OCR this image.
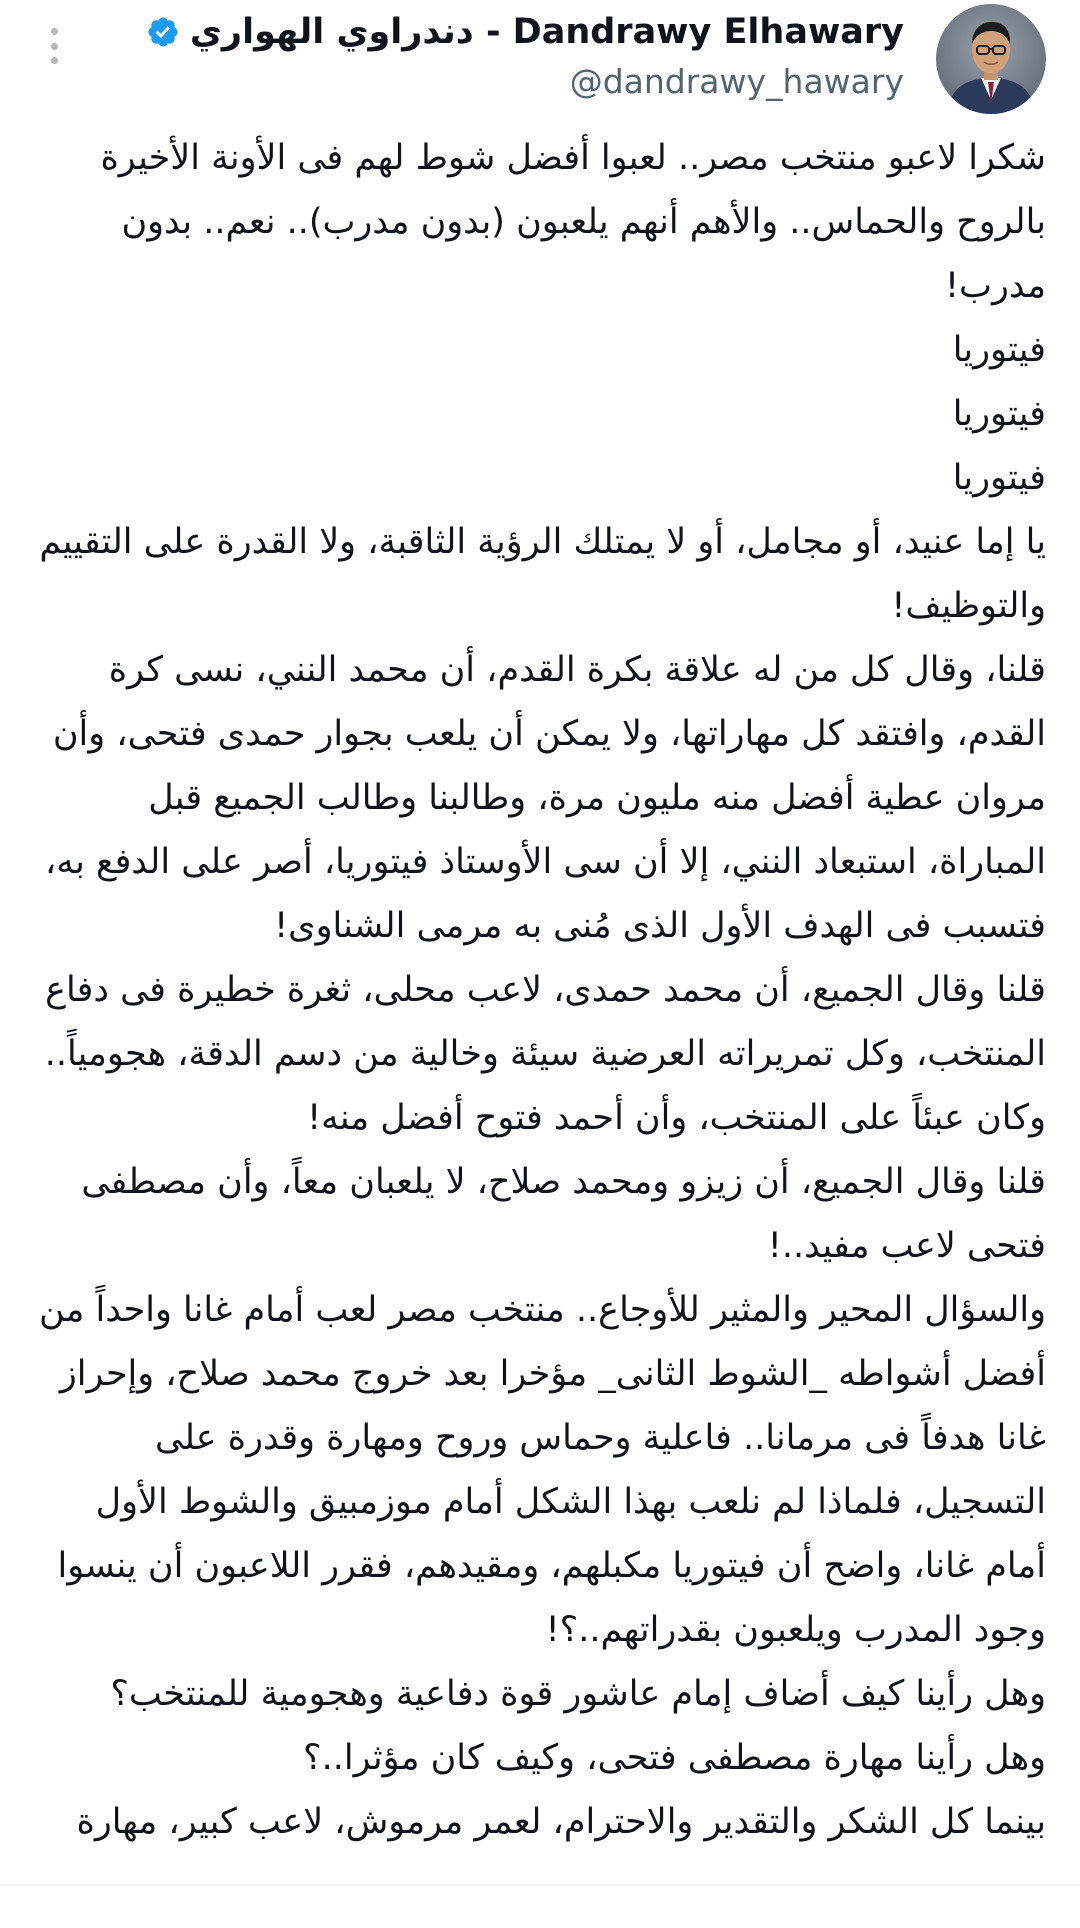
دندراوي الهواري - Dandrawy Elhawary
@dandrawy_hawary

شكرا لاعبو منتخب مصر.. لعبوا أفضل شوط لهم فى الأونة الأخيرة بالروح والحماس.. والأهم أنهم يلعبون (بدون مدرب).. نعم.. بدون مدرب!

فيتوريا

فيتوريا

فيتوريا

يا إما عنيد، أو مجامل، أو لا يمتلك الرؤية الثاقبة، ولا القدرة على التقييم والتوظيف!

قلنا، وقال كل من له علاقة بكرة القدم، أن محمد النني، نسى كرة القدم، وافتقد كل مهاراتها، ولا يمكن أن يلعب بجوار حمدى فتحى، وأن مروان عطية أفضل منه مليون مرة، وطالبنا وطالب الجميع قبل المباراة، استبعاد النني، إلا أن سى الأوستاذ فيتوريا، أصر على الدفع به، فتسبب فى الهدف الأول الذى مُنى به مرمى الشناوى!

قلنا وقال الجميع، أن محمد حمدى، لاعب محلى، ثغرة خطيرة فى دفاع المنتخب، وكل تمريراته العرضية سيئة وخالية من دسم الدقة، هجومياً.. وكان عبئاً على المنتخب، وأن أحمد فتوح أفضل منه!

قلنا وقال الجميع، أن زيزو ومحمد صلاح، لا يلعبان معاً، وأن مصطفى فتحى لاعب مفيد..!

والسؤال المحير والمثير للأوجاع.. منتخب مصر لعب أمام غانا واحداً من أفضل أشواطه _الشوط الثانى_ مؤخرا بعد خروج محمد صلاح، وإحراز غانا هدفاً فى مرمانا.. فاعلية وحماس وروح ومهارة وقدرة على التسجيل، فلماذا لم نلعب بهذا الشكل أمام موزمبيق والشوط الأول أمام غانا، واضح أن فيتوريا مكبلهم، ومقيدهم، فقرر اللاعبون أن ينسوا وجود المدرب ويلعبون بقدراتهم..؟!

وهل رأينا كيف أضاف إمام عاشور قوة دفاعية وهجومية للمنتخب؟

وهل رأينا مهارة مصطفى فتحى، وكيف كان مؤثرا..؟

بينما كل الشكر والتقدير والاحترام، لعمر مرموش، لاعب كبير، مهارة
